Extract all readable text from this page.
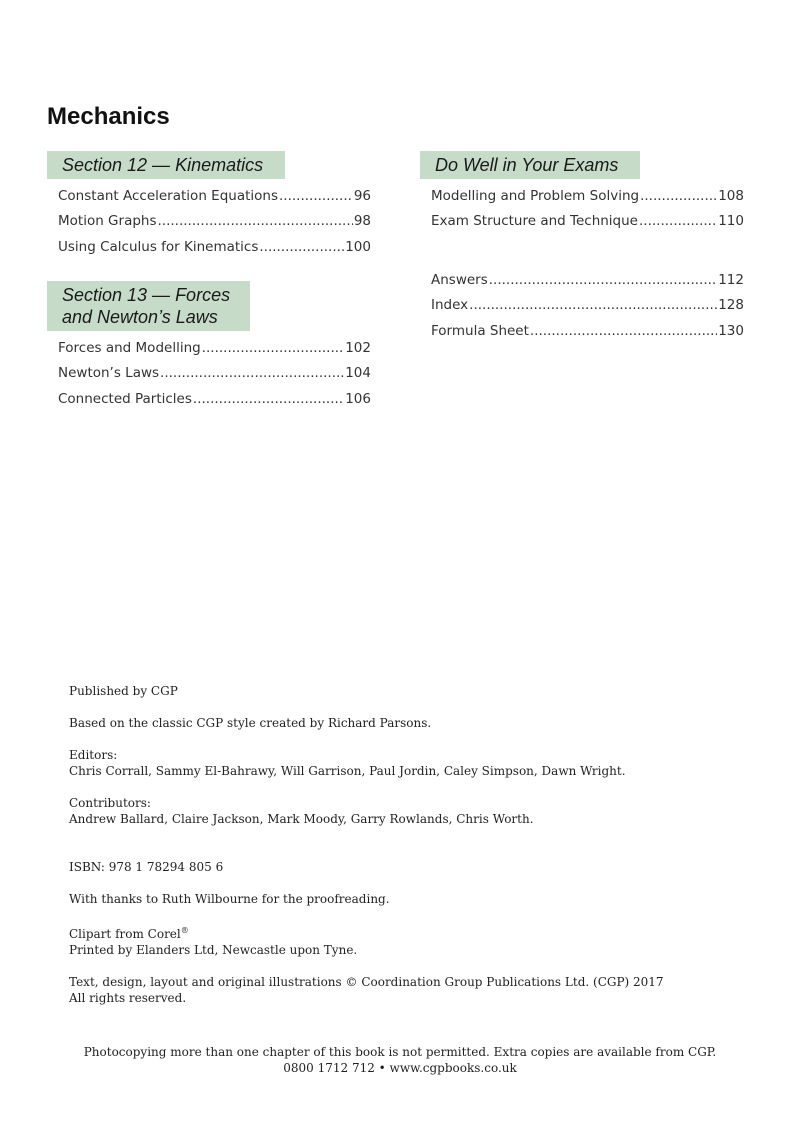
Mechanics
Section 12 — Kinematics
Constant Acceleration Equations .....	96
Motion Graphs .....	98
Using Calculus for Kinematics .....	100
Section 13 — Forces
and Newton’s Laws
Forces and Modelling .....	102
Newton’s Laws .....	104
Connected Particles .....	106
Do Well in Your Exams
Modelling and Problem Solving .....	108
Exam Structure and Technique .....	110
Answers .....	112
Index .....	128
Formula Sheet .....	130

Published by CGP

Based on the classic CGP style created by Richard Parsons.

Editors:

Chris Corrall, Sammy El-Bahrawy, Will Garrison, Paul Jordin, Caley Simpson, Dawn Wright.

Contributors:

Andrew Ballard, Claire Jackson, Mark Moody, Garry Rowlands, Chris Worth.

ISBN: 978 1 78294 805 6

With thanks to Ruth Wilbourne for the proofreading.

Clipart from Corel®

Printed by Elanders Ltd, Newcastle upon Tyne.

Text, design, layout and original illustrations © Coordination Group Publications Ltd. (CGP) 2017

All rights reserved.

Photocopying more than one chapter of this book is not permitted. Extra copies are available from CGP.
0800 1712 712 • www.cgpbooks.co.uk
